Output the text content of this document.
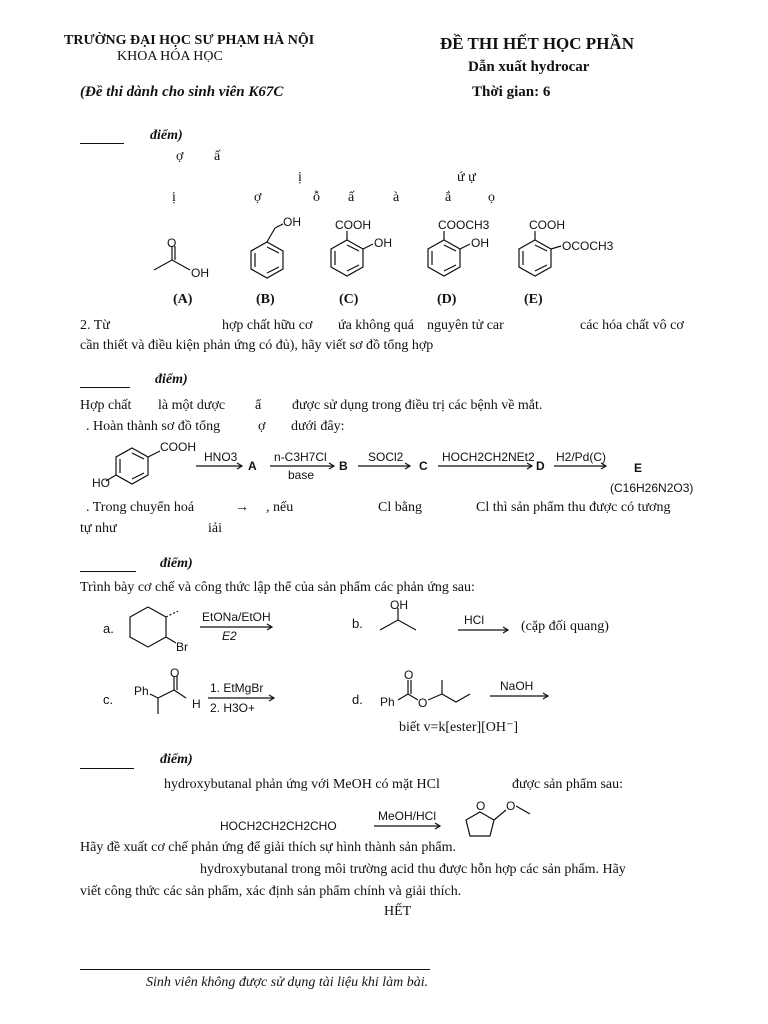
TRƯỜNG ĐẠI HỌC SƯ PHẠM HÀ NỘI
KHOA HÓA HỌC
(Đề thi dành cho sinh viên K67C
ĐỀ THI HẾT HỌC PHẦN
Dẫn xuất hydrocar
Thời gian: 6
điểm)
ợ ấ
ị	ứ ự
ị	ợ	ỗ ấ	à	ắ	ọ
O
OH
OH	COOH
OH
COOCH3
OH
COOH
OCOCH3
(A)	(B)	(C)	(D)	(E)
2. Từ	hợp chất hữu cơ ứa không quá nguyên tử car	các hóa chất vô cơ
cần thiết và điều kiện phản ứng có đủ), hãy viết sơ đồ tổng hợp
điểm)
Hợp chất là một dược ẩ được sử dụng trong điều trị các bệnh về mắt.
. Hoàn thành sơ đồ tổng	ợ dưới đây:
COOH
HO
HNO3
A
n-C3H7Cl
base
B
SOCl2
C
HOCH2CH2NEt2
D
H2/Pd(C)
E
(C16H26N2O3)
. Trong chuyển hoá	→ , nếu	Cl bằng	Cl thì sản phẩm thu được có tương
tự như	iải
điểm)
Trình bày cơ chế và công thức lập thể của sản phẩm các phản ứng sau:
a.
Br
EtONa/EtOH
E2
b.
OH
HCl	(cặp đối quang)
c.
Ph
O
H
1. EtMgBr
2. H3O+
d. Ph
O
O
NaOH
biết v=k[ester][OH⁻]
điểm)
hydroxybutanal phản ứng với MeOH có mặt HCl	được sản phẩm sau:
HOCH2CH2CH2CHO
MeOH/HCl
O O
Hãy đề xuất cơ chế phản ứng để giải thích sự hình thành sản phẩm.
hydroxybutanal trong môi trường acid thu được hỗn hợp các sản phẩm. Hãy
viết công thức các sản phẩm, xác định sản phẩm chính và giải thích.
HẾT
Sinh viên không được sử dụng tài liệu khi làm bài.
